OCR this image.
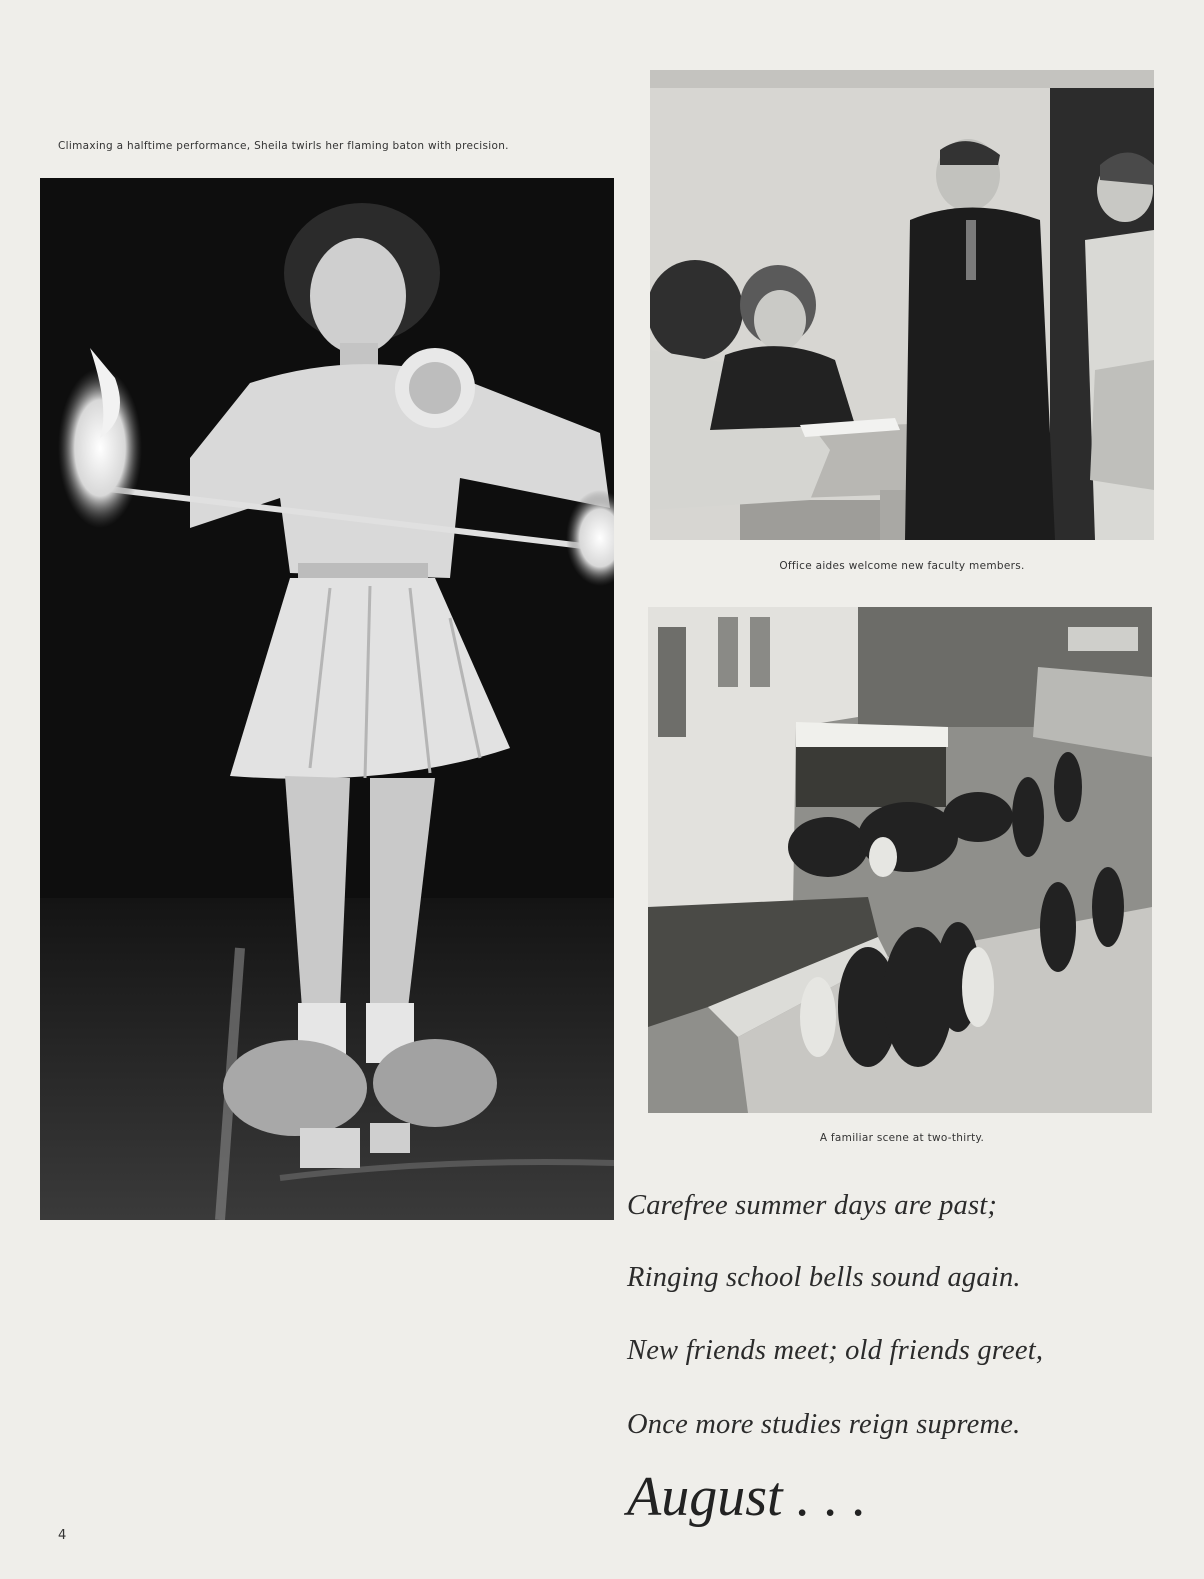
Climaxing a halftime performance, Sheila twirls her flaming baton with precision.
Office aides welcome new faculty members.
A familiar scene at two-thirty.
Carefree summer days are past;
Ringing school bells sound again.
New friends meet; old friends greet,
Once more studies reign supreme.
August . . .
4
